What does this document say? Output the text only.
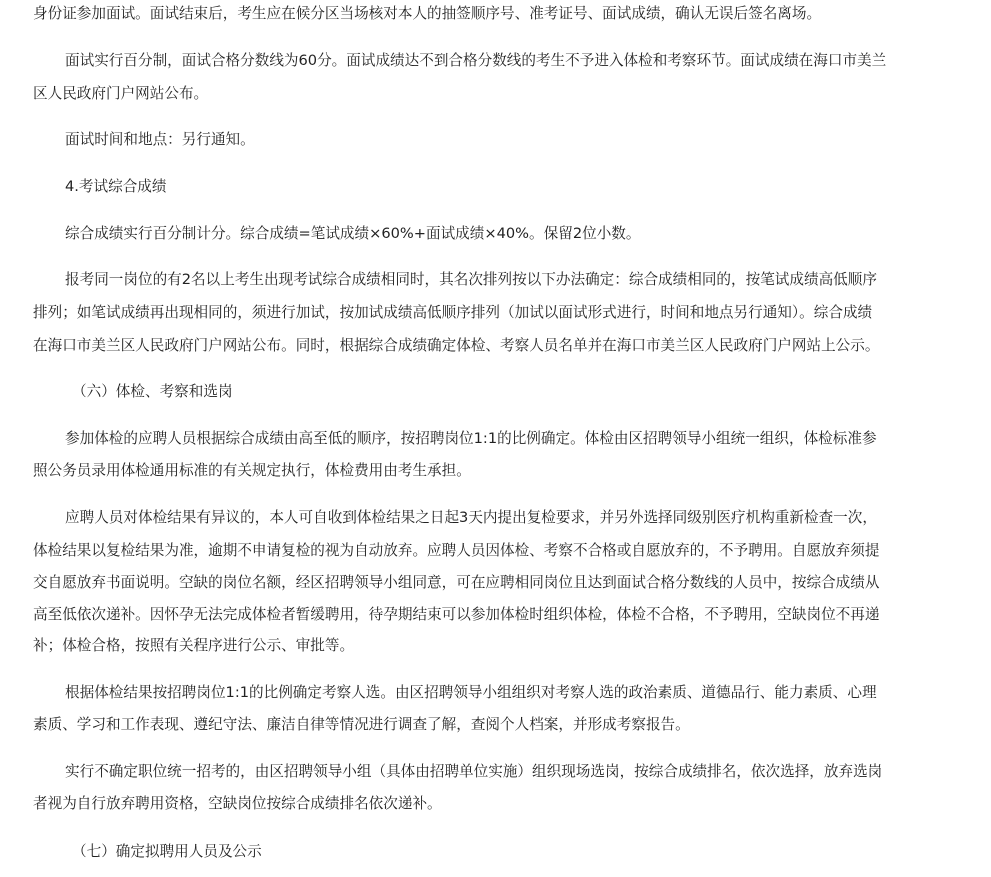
身份证参加面试。面试结束后，考生应在候分区当场核对本人的抽签顺序号、准考证号、面试成绩，确认无误后签名离场。
面试实行百分制，面试合格分数线为60分。面试成绩达不到合格分数线的考生不予进入体检和考察环节。面试成绩在海口市美兰
区人民政府门户网站公布。
面试时间和地点：另行通知。
4.考试综合成绩
综合成绩实行百分制计分。综合成绩=笔试成绩×60%+面试成绩×40%。保留2位小数。
报考同一岗位的有2名以上考生出现考试综合成绩相同时，其名次排列按以下办法确定：综合成绩相同的，按笔试成绩高低顺序
排列；如笔试成绩再出现相同的，须进行加试，按加试成绩高低顺序排列（加试以面试形式进行，时间和地点另行通知）。综合成绩
在海口市美兰区人民政府门户网站公布。同时，根据综合成绩确定体检、考察人员名单并在海口市美兰区人民政府门户网站上公示。
（六）体检、考察和选岗
参加体检的应聘人员根据综合成绩由高至低的顺序，按招聘岗位1:1的比例确定。体检由区招聘领导小组统一组织，体检标准参
照公务员录用体检通用标准的有关规定执行，体检费用由考生承担。
应聘人员对体检结果有异议的，本人可自收到体检结果之日起3天内提出复检要求，并另外选择同级别医疗机构重新检查一次，
体检结果以复检结果为准，逾期不申请复检的视为自动放弃。应聘人员因体检、考察不合格或自愿放弃的，不予聘用。自愿放弃须提
交自愿放弃书面说明。空缺的岗位名额，经区招聘领导小组同意，可在应聘相同岗位且达到面试合格分数线的人员中，按综合成绩从
高至低依次递补。因怀孕无法完成体检者暂缓聘用，待孕期结束可以参加体检时组织体检，体检不合格，不予聘用，空缺岗位不再递
补；体检合格，按照有关程序进行公示、审批等。
根据体检结果按招聘岗位1:1的比例确定考察人选。由区招聘领导小组组织对考察人选的政治素质、道德品行、能力素质、心理
素质、学习和工作表现、遵纪守法、廉洁自律等情况进行调查了解，查阅个人档案，并形成考察报告。
实行不确定职位统一招考的，由区招聘领导小组（具体由招聘单位实施）组织现场选岗，按综合成绩排名，依次选择，放弃选岗
者视为自行放弃聘用资格，空缺岗位按综合成绩排名依次递补。
（七）确定拟聘用人员及公示
